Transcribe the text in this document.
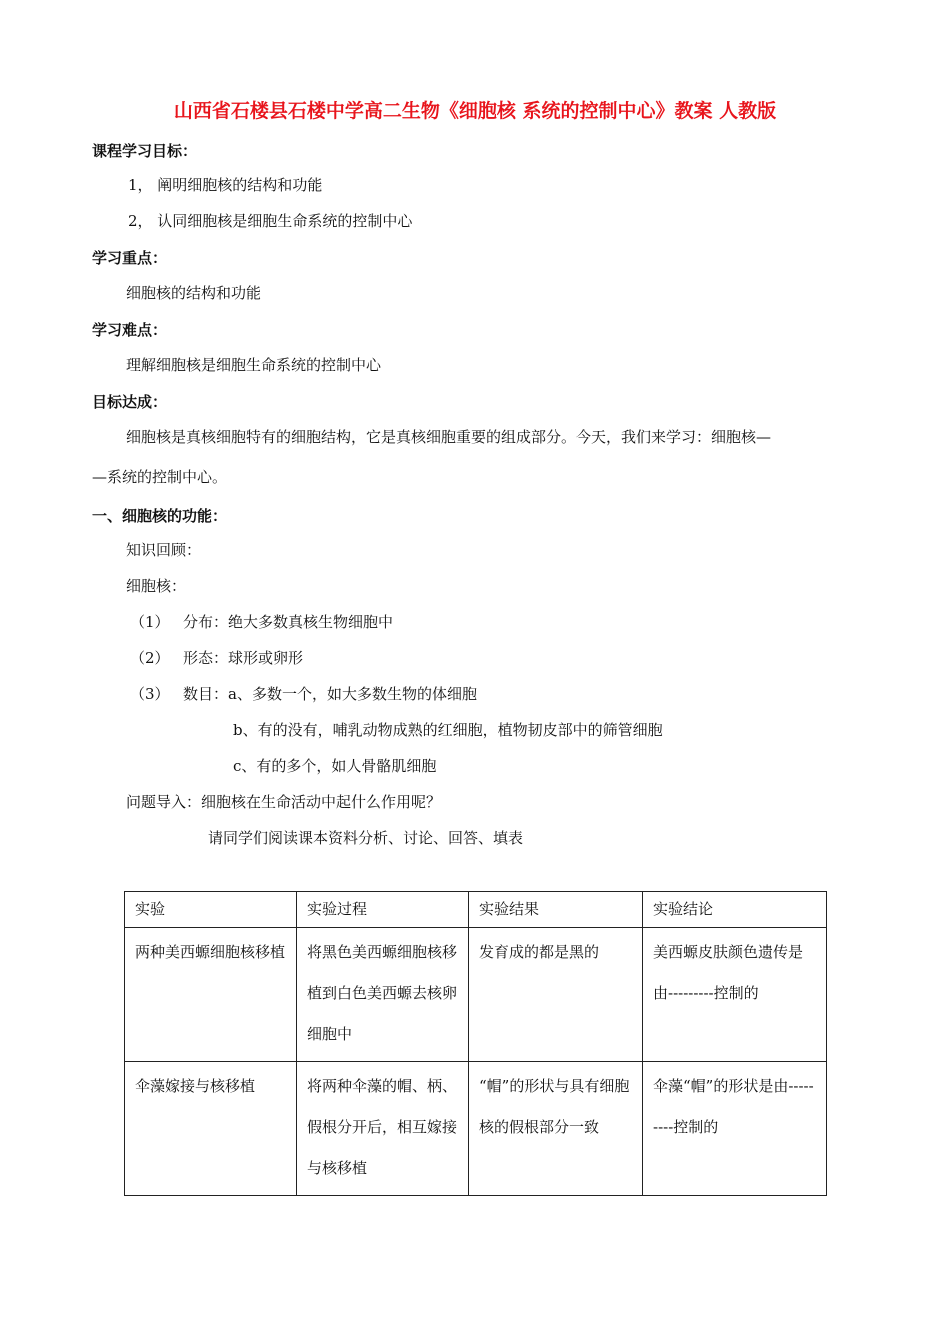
山西省石楼县石楼中学高二生物《细胞核 系统的控制中心》教案 人教版
课程学习目标：
1， 阐明细胞核的结构和功能
2， 认同细胞核是细胞生命系统的控制中心
学习重点：
细胞核的结构和功能
学习难点：
理解细胞核是细胞生命系统的控制中心
目标达成：
细胞核是真核细胞特有的细胞结构，它是真核细胞重要的组成部分。今天，我们来学习：细胞核—
—系统的控制中心。
一、细胞核的功能：
知识回顾：
细胞核：
（1） 分布：绝大多数真核生物细胞中
（2） 形态：球形或卵形
（3） 数目：a、多数一个，如大多数生物的体细胞
b、有的没有，哺乳动物成熟的红细胞，植物韧皮部中的筛管细胞
c、有的多个，如人骨骼肌细胞
问题导入：细胞核在生命活动中起什么作用呢？
请同学们阅读课本资料分析、讨论、回答、填表
实验	实验过程	实验结果	实验结论
两种美西螈细胞核移植	将黑色美西螈细胞核移植到白色美西螈去核卵细胞中	发育成的都是黑的	美西螈皮肤颜色遗传是由---------控制的
伞藻嫁接与核移植	将两种伞藻的帽、柄、假根分开后，相互嫁接与核移植	“帽”的形状与具有细胞核的假根部分一致	伞藻“帽”的形状是由---------控制的
